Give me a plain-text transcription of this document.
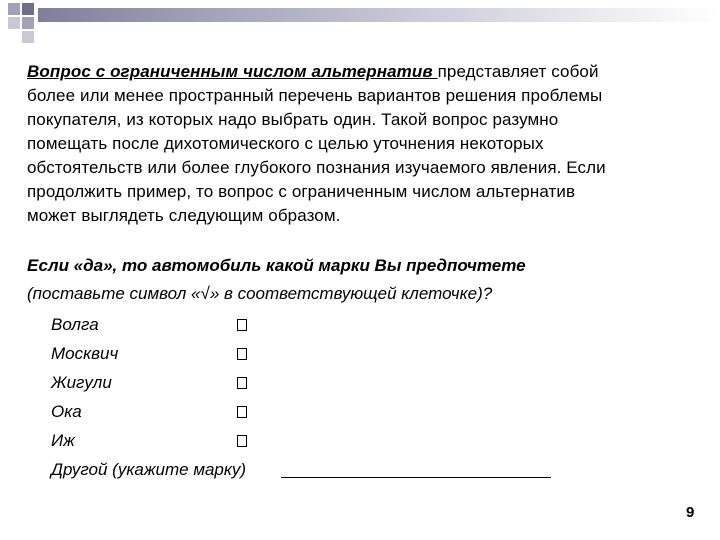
Вопрос с ограниченным числом альтернатив представляет собой
более или менее пространный перечень вариантов решения проблемы
покупателя, из которых надо выбрать один. Такой вопрос разумно
помещать после дихотомического с целью уточнения некоторых
обстоятельств или более глубокого познания изучаемого явления. Если
продолжить пример, то вопрос с ограниченным числом альтернатив
может выглядеть следующим образом.

Если «да», то автомобиль какой марки Вы предпочтете
(поставьте символ «√» в соответствующей клеточке)?
Волга
Москвич
Жигули
Ока
Иж
Другой (укажите марку)
9
